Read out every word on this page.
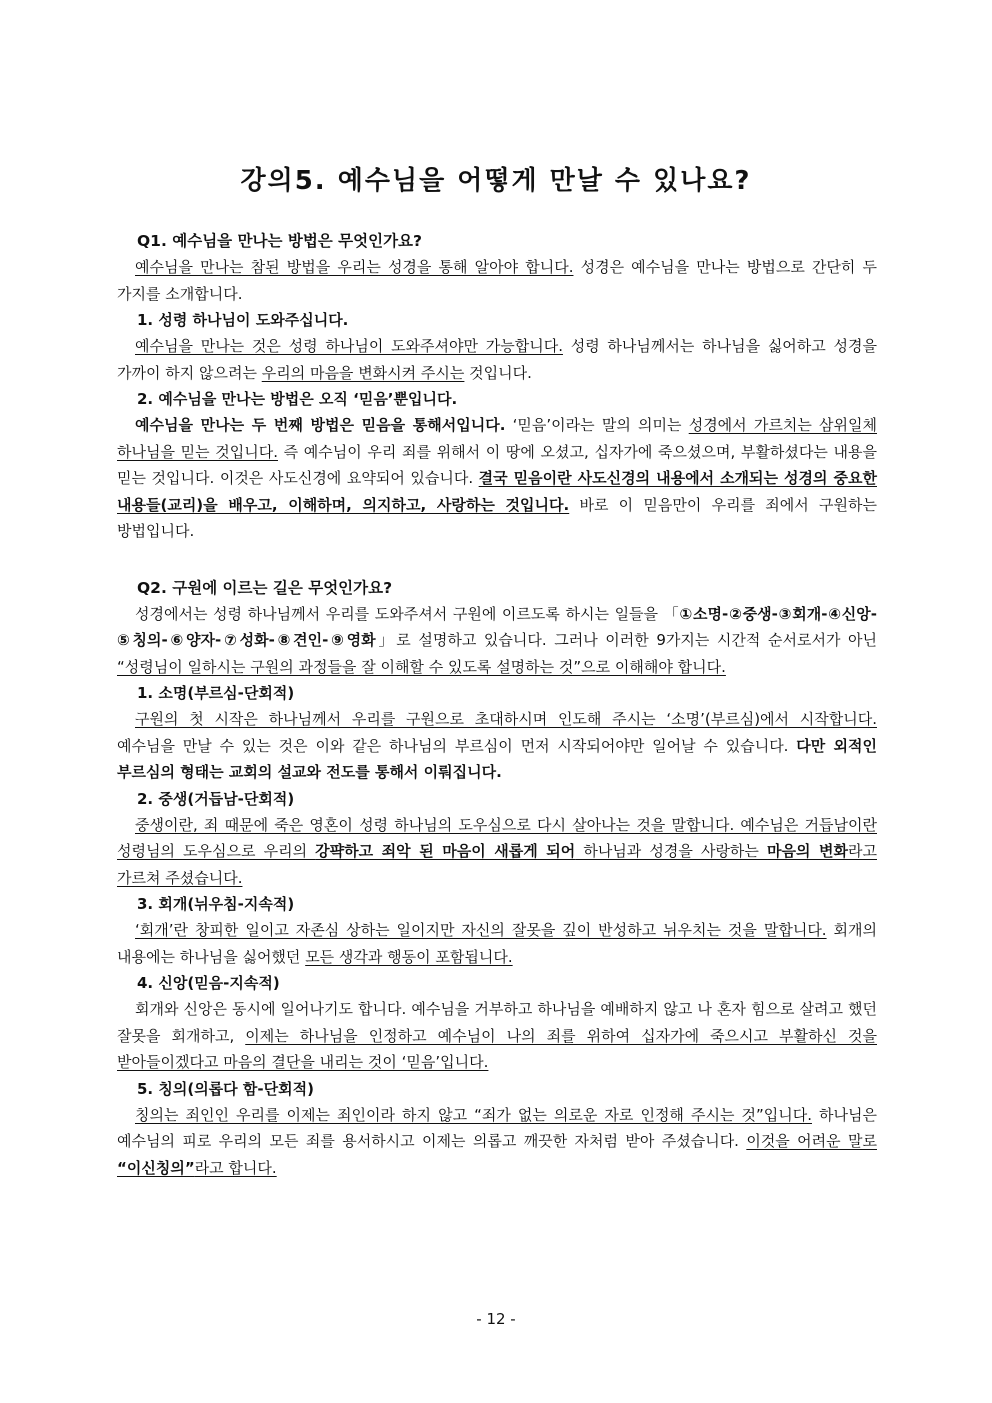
강의5. 예수님을 어떻게 만날 수 있나요?
Q1. 예수님을 만나는 방법은 무엇인가요?

예수님을 만나는 참된 방법을 우리는 성경을 통해 알아야 합니다. 성경은 예수님을 만나는 방법으로 간단히 두 가지를 소개합니다.

1. 성령 하나님이 도와주십니다.

예수님을 만나는 것은 성령 하나님이 도와주셔야만 가능합니다. 성령 하나님께서는 하나님을 싫어하고 성경을 가까이 하지 않으려는 우리의 마음을 변화시켜 주시는 것입니다.

2. 예수님을 만나는 방법은 오직 ‘믿음’뿐입니다.

예수님을 만나는 두 번째 방법은 믿음을 통해서입니다. ‘믿음’이라는 말의 의미는 성경에서 가르치는 삼위일체 하나님을 믿는 것입니다. 즉 예수님이 우리 죄를 위해서 이 땅에 오셨고, 십자가에 죽으셨으며, 부활하셨다는 내용을 믿는 것입니다. 이것은 사도신경에 요약되어 있습니다. 결국 믿음이란 사도신경의 내용에서 소개되는 성경의 중요한 내용들(교리)을 배우고, 이해하며, 의지하고, 사랑하는 것입니다. 바로 이 믿음만이 우리를 죄에서 구원하는 방법입니다.

Q2. 구원에 이르는 길은 무엇인가요?

성경에서는 성령 하나님께서 우리를 도와주셔서 구원에 이르도록 하시는 일들을 「①소명-②중생-③회개-④신앙-⑤칭의-⑥양자-⑦성화-⑧견인-⑨영화」로 설명하고 있습니다. 그러나 이러한 9가지는 시간적 순서로서가 아닌 “성령님이 일하시는 구원의 과정들을 잘 이해할 수 있도록 설명하는 것”으로 이해해야 합니다.

1. 소명(부르심-단회적)

구원의 첫 시작은 하나님께서 우리를 구원으로 초대하시며 인도해 주시는 ‘소명’(부르심)에서 시작합니다. 예수님을 만날 수 있는 것은 이와 같은 하나님의 부르심이 먼저 시작되어야만 일어날 수 있습니다. 다만 외적인 부르심의 형태는 교회의 설교와 전도를 통해서 이뤄집니다.

2. 중생(거듭남-단회적)

중생이란, 죄 때문에 죽은 영혼이 성령 하나님의 도우심으로 다시 살아나는 것을 말합니다. 예수님은 거듭남이란 성령님의 도우심으로 우리의 강퍅하고 죄악 된 마음이 새롭게 되어 하나님과 성경을 사랑하는 마음의 변화라고 가르쳐 주셨습니다.

3. 회개(뉘우침-지속적)

‘회개’란 창피한 일이고 자존심 상하는 일이지만 자신의 잘못을 깊이 반성하고 뉘우치는 것을 말합니다. 회개의 내용에는 하나님을 싫어했던 모든 생각과 행동이 포함됩니다.

4. 신앙(믿음-지속적)

회개와 신앙은 동시에 일어나기도 합니다. 예수님을 거부하고 하나님을 예배하지 않고 나 혼자 힘으로 살려고 했던 잘못을 회개하고, 이제는 하나님을 인정하고 예수님이 나의 죄를 위하여 십자가에 죽으시고 부활하신 것을 받아들이겠다고 마음의 결단을 내리는 것이 ‘믿음’입니다.

5. 칭의(의롭다 함-단회적)

칭의는 죄인인 우리를 이제는 죄인이라 하지 않고 “죄가 없는 의로운 자로 인정해 주시는 것”입니다. 하나님은 예수님의 피로 우리의 모든 죄를 용서하시고 이제는 의롭고 깨끗한 자처럼 받아 주셨습니다. 이것을 어려운 말로 “이신칭의”라고 합니다.

- 12 -
